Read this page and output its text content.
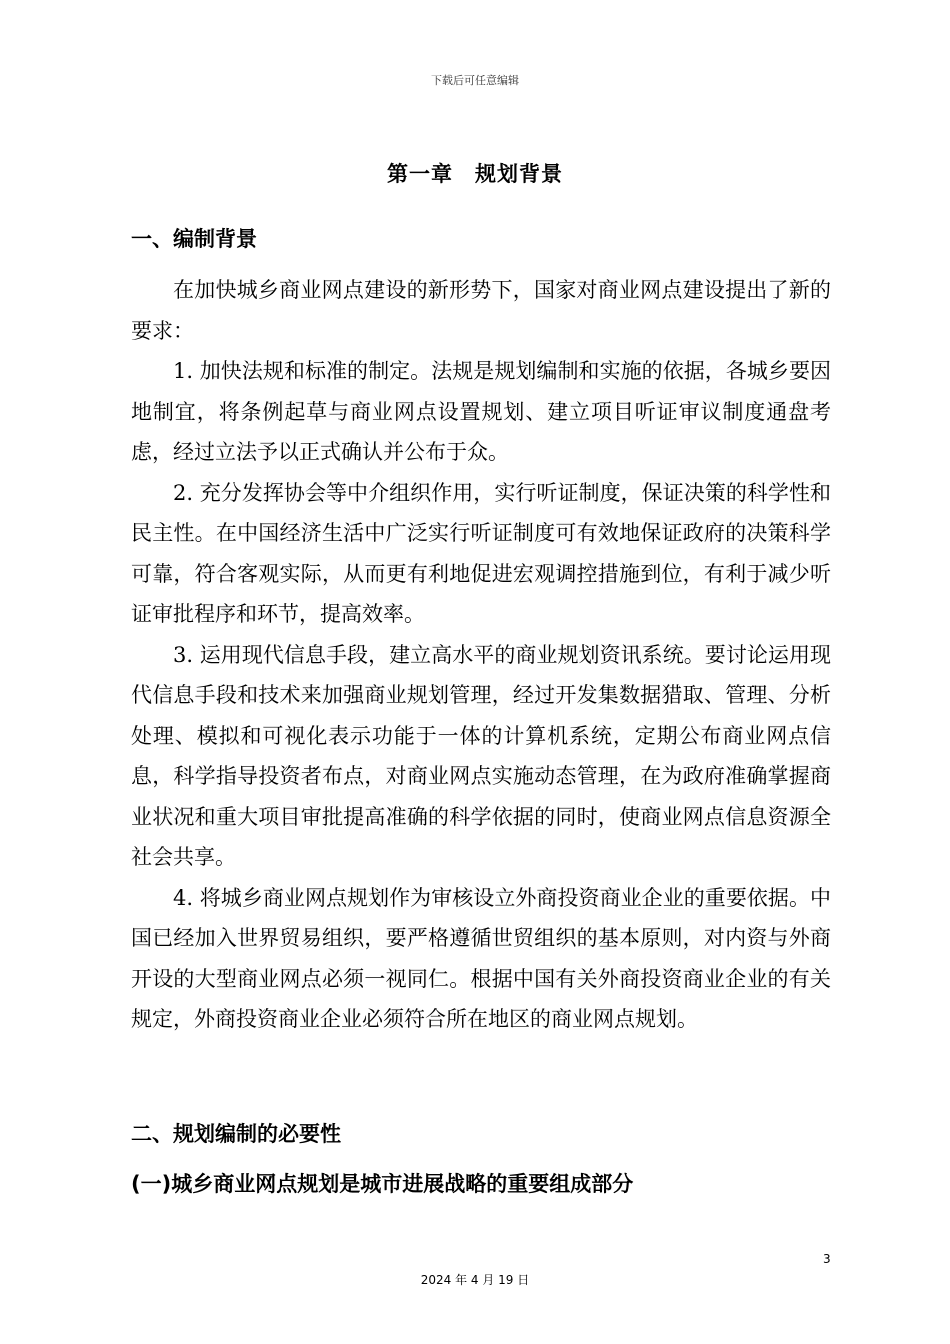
下载后可任意编辑
第一章　规划背景
一、编制背景

在加快城乡商业网点建设的新形势下，国家对商业网点建设提出了新的要求：

1. 加快法规和标准的制定。法规是规划编制和实施的依据，各城乡要因地制宜，将条例起草与商业网点设置规划、建立项目听证审议制度通盘考虑，经过立法予以正式确认并公布于众。

2. 充分发挥协会等中介组织作用，实行听证制度，保证决策的科学性和民主性。在中国经济生活中广泛实行听证制度可有效地保证政府的决策科学可靠，符合客观实际，从而更有利地促进宏观调控措施到位，有利于减少听证审批程序和环节，提高效率。

3. 运用现代信息手段，建立高水平的商业规划资讯系统。要讨论运用现代信息手段和技术来加强商业规划管理，经过开发集数据猎取、管理、分析处理、模拟和可视化表示功能于一体的计算机系统，定期公布商业网点信息，科学指导投资者布点，对商业网点实施动态管理，在为政府准确掌握商业状况和重大项目审批提高准确的科学依据的同时，使商业网点信息资源全社会共享。

4. 将城乡商业网点规划作为审核设立外商投资商业企业的重要依据。中国已经加入世界贸易组织，要严格遵循世贸组织的基本原则，对内资与外商开设的大型商业网点必须一视同仁。根据中国有关外商投资商业企业的有关规定，外商投资商业企业必须符合所在地区的商业网点规划。

二、规划编制的必要性
(一)城乡商业网点规划是城市进展战略的重要组成部分
3
2024 年 4 月 19 日
